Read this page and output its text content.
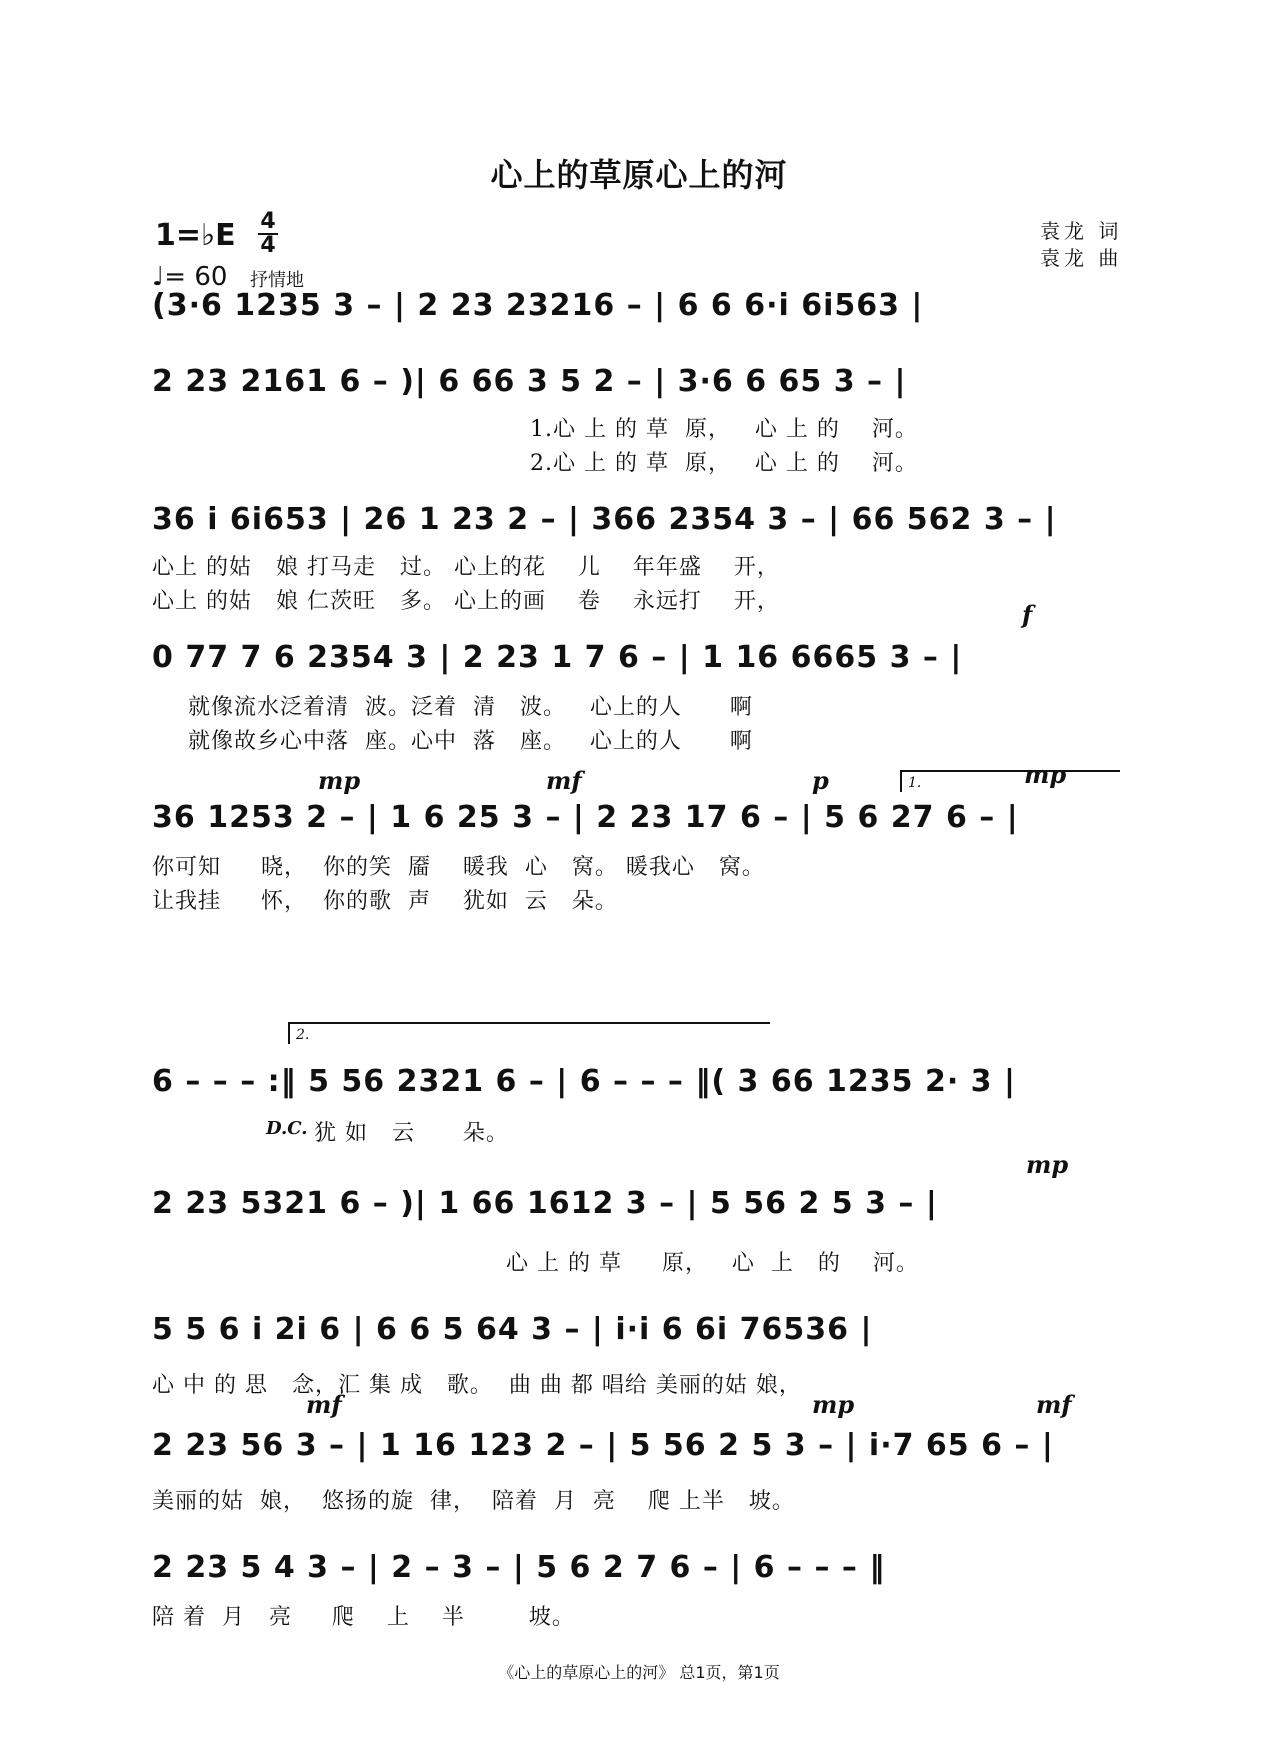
心上的草原心上的河
1=♭E 4
4
♩= 60 抒情地
袁龙 词
袁龙 曲
(3·6 1235 3 – | 2 23 23216 – | 6 6 6·i 6i563 |
2 23 2161 6 – )| 6 66 3 5 2 – | 3·6 6 65 3 – |
1.心 上 的 草  原，   心 上 的    河。
2.心 上 的 草  原，   心 上 的    河。
36 i 6i653 | 26 1 23 2 – | 366 2354 3 – | 66 562 3 – |
心上 的姑   娘 打马走   过。 心上的花    儿    年年盛    开，
心上 的姑   娘 仁茨旺   多。 心上的画    卷    永远打    开，	f
0 77 7 6 2354 3 | 2 23 1 7 6 – | 1 16 6665 3 – |
就像流水泛着清  波。泛着  清   波。   心上的人      啊
就像故乡心中落  座。心中  落   座。   心上的人      啊
mp	mf	p	1.	mp
36 1253 2 – | 1 6 25 3 – | 2 23 17 6 – | 5 6 27 6 – |
你可知     晓，  你的笑  靥    暖我  心   窝。 暖我心   窝。
让我挂     怀，  你的歌  声    犹如  云   朵。
2.
6 – – – :‖ 5 56 2321 6 – | 6 – – – ‖( 3 66 1235 2· 3 |
D.C. 犹 如   云      朵。
mp
2 23 5321 6 – )| 1 66 1612 3 – | 5 56 2 5 3 – |
心 上 的 草     原，   心  上   的    河。
5 5 6 i 2i 6 | 6 6 5 64 3 – | i·i 6 6i 76536 |
心 中 的 思   念，汇 集 成   歌。  曲 曲 都 唱给 美丽的姑 娘，
mf	mp	mf
2 23 56 3 – | 1 16 123 2 – | 5 56 2 5 3 – | i·7 65 6 – |
美丽的姑  娘，  悠扬的旋  律，  陪着  月  亮    爬 上半   坡。
2 23 5 4 3 – | 2 – 3 – | 5 6 2 7 6 – | 6 – – – ‖
陪 着  月   亮     爬    上    半        坡。
《心上的草原心上的河》 总1页，第1页
